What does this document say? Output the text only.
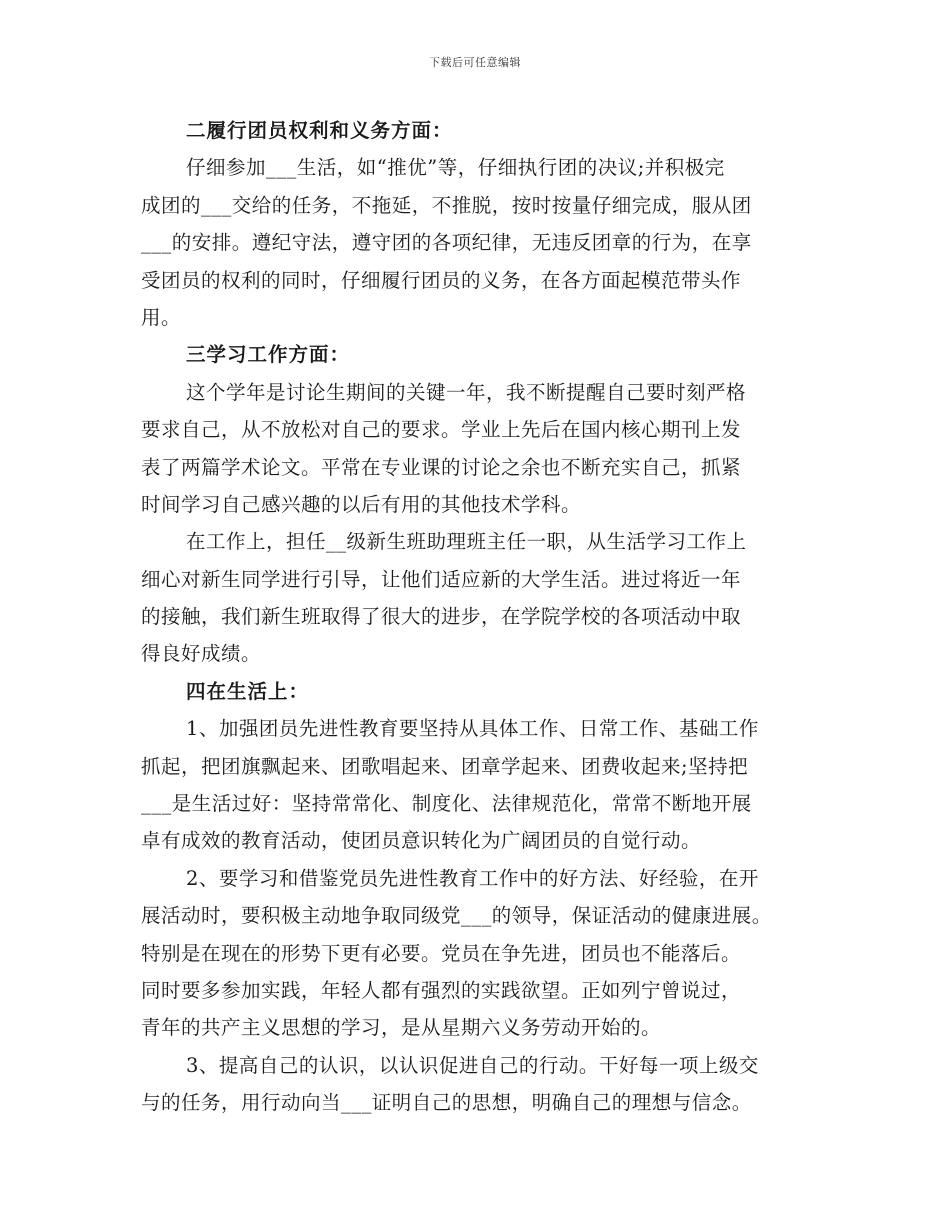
下载后可任意编辑
二履行团员权利和义务方面：
仔细参加___生活，如“推优”等，仔细执行团的决议;并积极完
成团的___交给的任务，不拖延，不推脱，按时按量仔细完成，服从团
___的安排。遵纪守法，遵守团的各项纪律，无违反团章的行为，在享
受团员的权利的同时，仔细履行团员的义务，在各方面起模范带头作
用。
三学习工作方面：
这个学年是讨论生期间的关键一年，我不断提醒自己要时刻严格
要求自己，从不放松对自己的要求。学业上先后在国内核心期刊上发
表了两篇学术论文。平常在专业课的讨论之余也不断充实自己，抓紧
时间学习自己感兴趣的以后有用的其他技术学科。
在工作上，担任__级新生班助理班主任一职，从生活学习工作上
细心对新生同学进行引导，让他们适应新的大学生活。进过将近一年
的接触，我们新生班取得了很大的进步，在学院学校的各项活动中取
得良好成绩。
四在生活上：
1、加强团员先进性教育要坚持从具体工作、日常工作、基础工作
抓起，把团旗飘起来、团歌唱起来、团章学起来、团费收起来;坚持把
___是生活过好：坚持常常化、制度化、法律规范化，常常不断地开展
卓有成效的教育活动，使团员意识转化为广阔团员的自觉行动。
2、要学习和借鉴党员先进性教育工作中的好方法、好经验，在开
展活动时，要积极主动地争取同级党___的领导，保证活动的健康进展。
特别是在现在的形势下更有必要。党员在争先进，团员也不能落后。
同时要多参加实践，年轻人都有强烈的实践欲望。正如列宁曾说过，
青年的共产主义思想的学习，是从星期六义务劳动开始的。
3、提高自己的认识，以认识促进自己的行动。干好每一项上级交
与的任务，用行动向当___证明自己的思想，明确自己的理想与信念。
